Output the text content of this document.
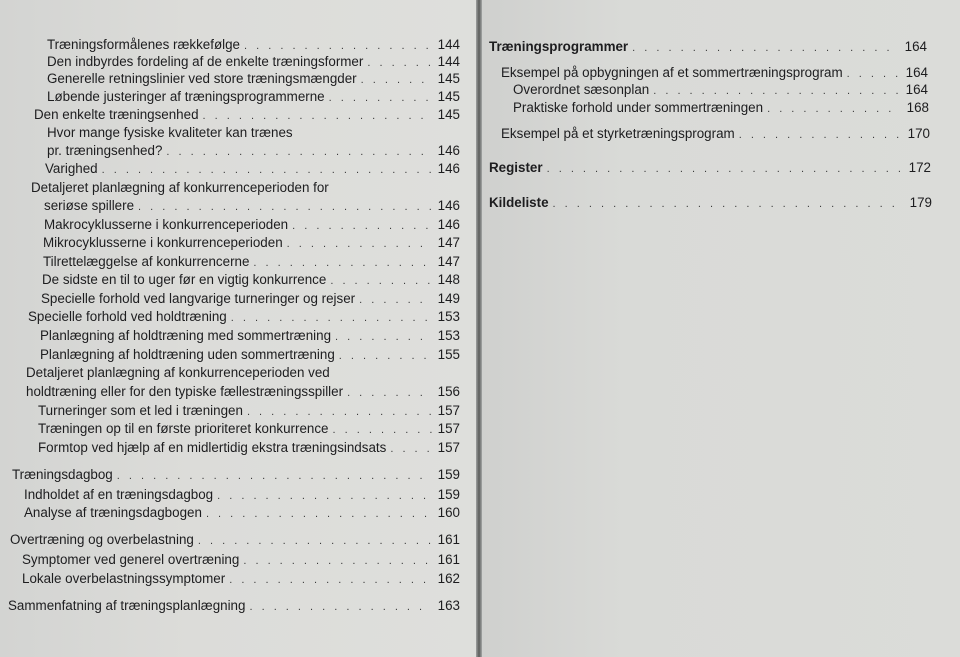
Træningsformålenes rækkefølge . . .	144
Den indbyrdes fordeling af de enkelte træningsformer . . .	144
Generelle retningslinier ved store træningsmængder . . .	145
Løbende justeringer af træningsprogrammerne . . .	145
Den enkelte træningsenhed . . .	145
Hvor mange fysiske kvaliteter kan trænes
pr. træningsenhed? . . .	146
Varighed . . .	146
Detaljeret planlægning af konkurrenceperioden for
seriøse spillere . . .	146
Makrocyklusserne i konkurrenceperioden . . .	146
Mikrocyklusserne i konkurrenceperioden . . .	147
Tilrettelæggelse af konkurrencerne . . .	147
De sidste en til to uger før en vigtig konkurrence . . .	148
Specielle forhold ved langvarige turneringer og rejser . . .	149
Specielle forhold ved holdtræning . . .	153
Planlægning af holdtræning med sommertræning . . .	153
Planlægning af holdtræning uden sommertræning . . .	155
Detaljeret planlægning af konkurrenceperioden ved
holdtræning eller for den typiske fællestræningsspiller . . .	156
Turneringer som et led i træningen . . .	157
Træningen op til en første prioriteret konkurrence . . .	157
Formtop ved hjælp af en midlertidig ekstra træningsindsats . . .	157
Træningsdagbog . . .	159
Indholdet af en træningsdagbog . . .	159
Analyse af træningsdagbogen . . .	160
Overtræning og overbelastning . . .	161
Symptomer ved generel overtræning . . .	161
Lokale overbelastningssymptomer . . .	162
Sammenfatning af træningsplanlægning . . .	163
Træningsprogrammer . . .	164
Eksempel på opbygningen af et sommertræningsprogram . . .	164
Overordnet sæsonplan . . .	164
Praktiske forhold under sommertræningen . . .	168
Eksempel på et styrketræningsprogram . . .	170
Register . . .	172
Kildeliste . . .	179
